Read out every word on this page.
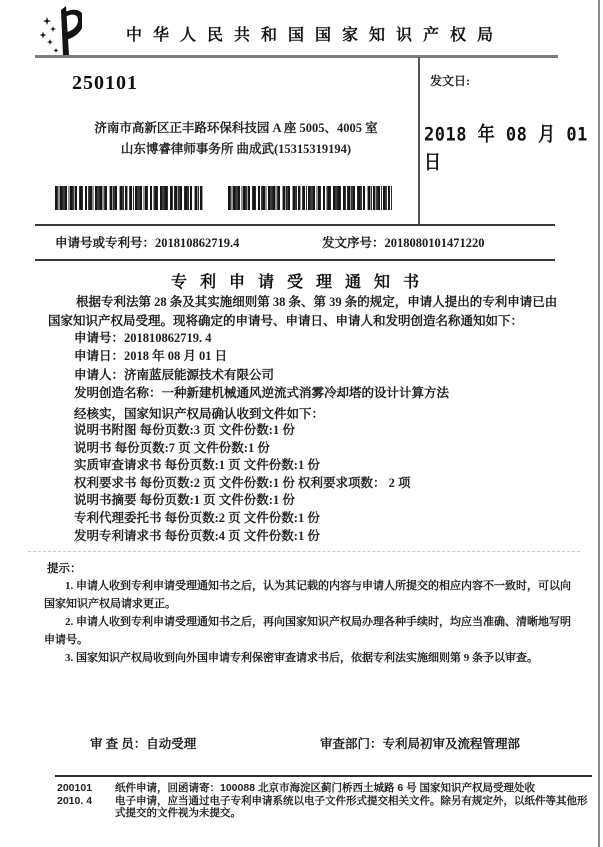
中华人民共和国国家知识产权局
250101
济南市高新区正丰路环保科技园 A 座 5005、4005 室
山东博睿律师事务所 曲成武(15315319194)
发文日:
2018 年 08 月 01 日
申请号或专利号：201810862719.4	发文序号：2018080101471220
专利申请受理通知书
根据专利法第 28 条及其实施细则第 38 条、第 39 条的规定，申请人提出的专利申请已由国家知识产权局受理。现将确定的申请号、申请日、申请人和发明创造名称通知如下：
申请号：201810862719. 4
申请日：2018 年 08 月 01 日
申请人：济南蓝辰能源技术有限公司
发明创造名称：一种新建机械通风逆流式消雾冷却塔的设计计算方法
经核实，国家知识产权局确认收到文件如下：
说明书附图 每份页数:3 页 文件份数:1 份
说明书 每份页数:7 页 文件份数:1 份
实质审查请求书 每份页数:1 页 文件份数:1 份
权利要求书 每份页数:2 页 文件份数:1 份 权利要求项数： 2 项
说明书摘要 每份页数:1 页 文件份数:1 份
专利代理委托书 每份页数:2 页 文件份数:1 份
发明专利请求书 每份页数:4 页 文件份数:1 份
提示：

1. 申请人收到专利申请受理通知书之后，认为其记载的内容与申请人所提交的相应内容不一致时，可以向国家知识产权局请求更正。

2. 申请人收到专利申请受理通知书之后，再向国家知识产权局办理各种手续时，均应当准确、清晰地写明申请号。

3. 国家知识产权局收到向外国申请专利保密审查请求书后，依据专利法实施细则第 9 条予以审查。

审 查 员：自动受理	审查部门：专利局初审及流程管理部
200101
2010. 4
纸件申请，回函请寄：100088 北京市海淀区蓟门桥西土城路 6 号 国家知识产权局受理处收
电子申请，应当通过电子专利申请系统以电子文件形式提交相关文件。除另有规定外，以纸件等其他形式提交的文件视为未提交。
